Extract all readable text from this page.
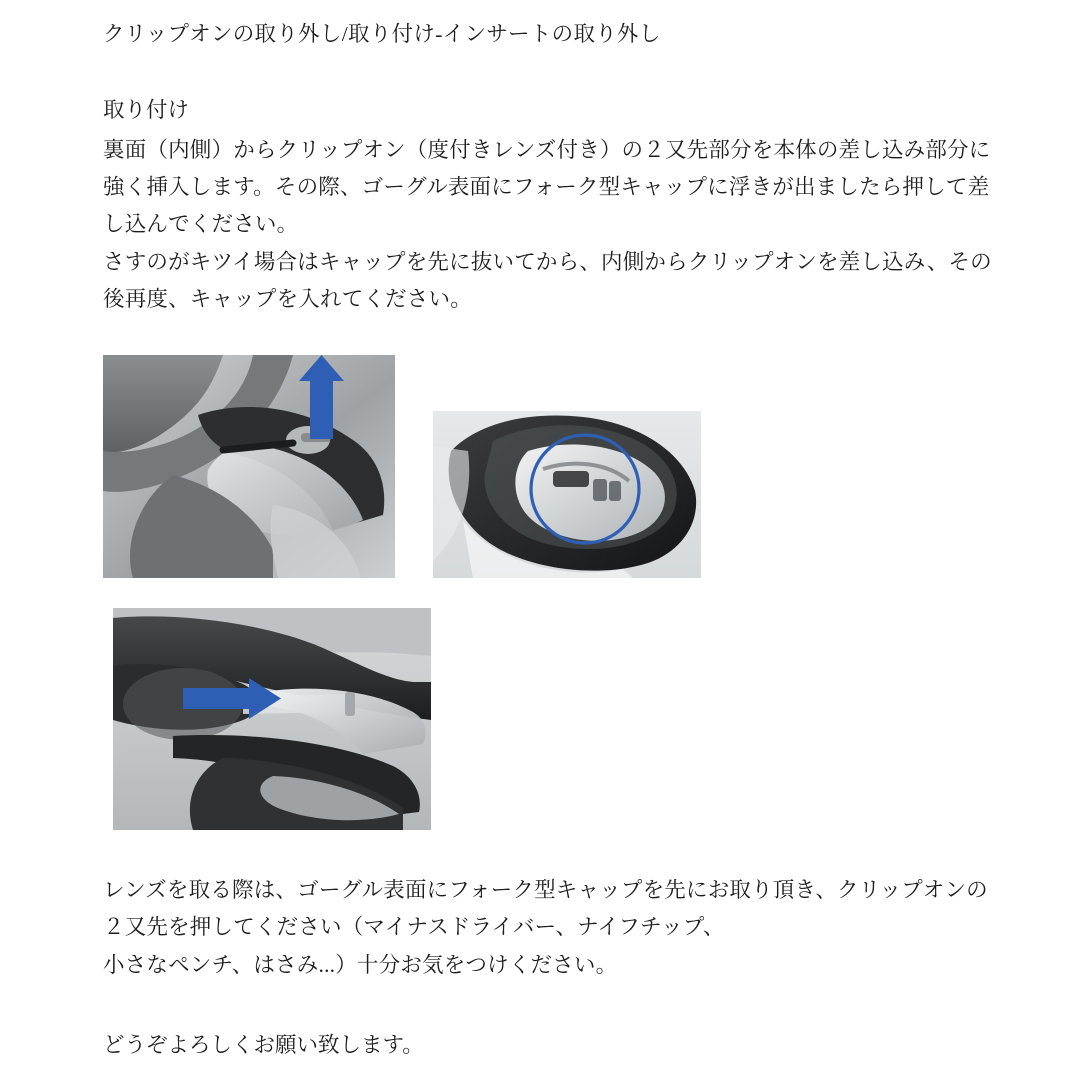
クリップオンの取り外し/取り付け-インサートの取り外し
取り付け

裏面（内側）からクリップオン（度付きレンズ付き）の２又先部分を本体の差し込み部分に強く挿入します。その際、ゴーグル表面にフォーク型キャップに浮きが出ましたら押して差し込んでください。

さすのがキツイ場合はキャップを先に抜いてから、内側からクリップオンを差し込み、その後再度、キャップを入れてください。

レンズを取る際は、ゴーグル表面にフォーク型キャップを先にお取り頂き、クリップオンの

２又先を押してください（マイナスドライバー、ナイフチップ、

小さなペンチ、はさみ...）十分お気をつけください。

どうぞよろしくお願い致します。
